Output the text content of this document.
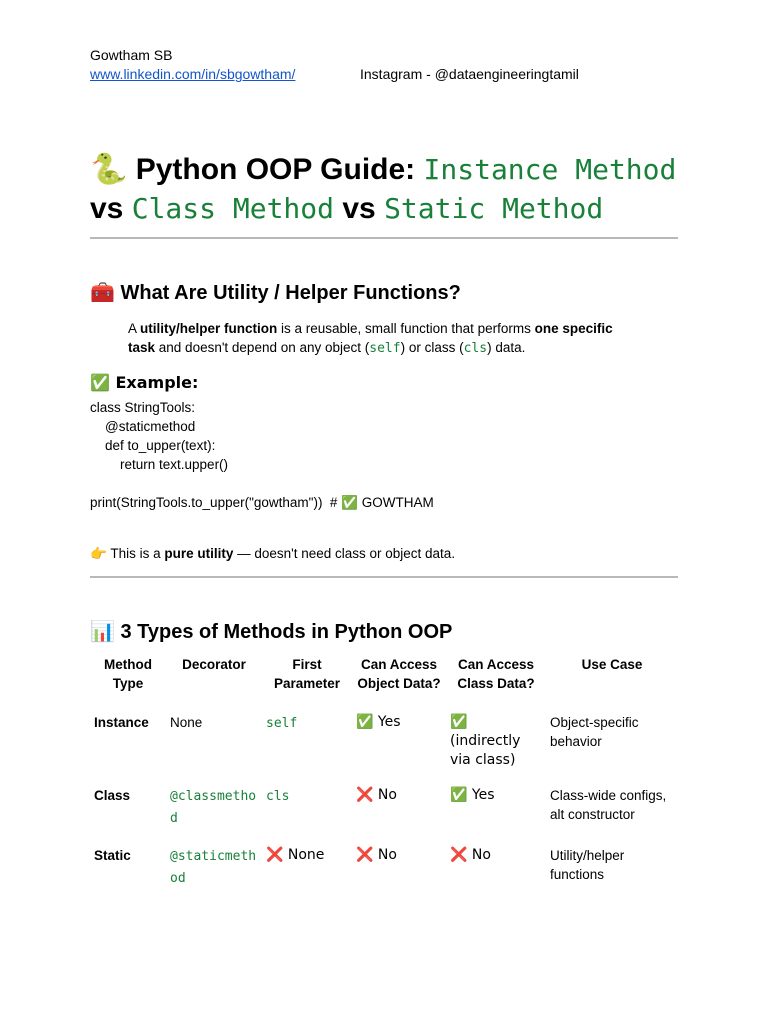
Gowtham SB
www.linkedin.com/in/sbgowtham/	Instagram - @dataengineeringtamil
🐍 Python OOP Guide: Instance Method
vs Class Method vs Static Method
🧰 What Are Utility / Helper Functions?
A utility/helper function is a reusable, small function that performs one specific task and doesn't depend on any object (self) or class (cls) data.
✅ Example:
class StringTools:
@staticmethod
def to_upper(text):
return text.upper()

print(StringTools.to_upper("gowtham"))  # ✅ GOWTHAM
👉 This is a pure utility — doesn't need class or object data.
📊 3 Types of Methods in Python OOP
Method Type	Decorator	First Parameter	Can Access Object Data?	Can Access Class Data?	Use Case
Instance	None	self	✅ Yes	✅ (indirectly via class)	Object-specific behavior
Class	@classmethod	cls	❌ No	✅ Yes	Class-wide configs, alt constructor
Static	@staticmethod	❌ None	❌ No	❌ No	Utility/helper functions
